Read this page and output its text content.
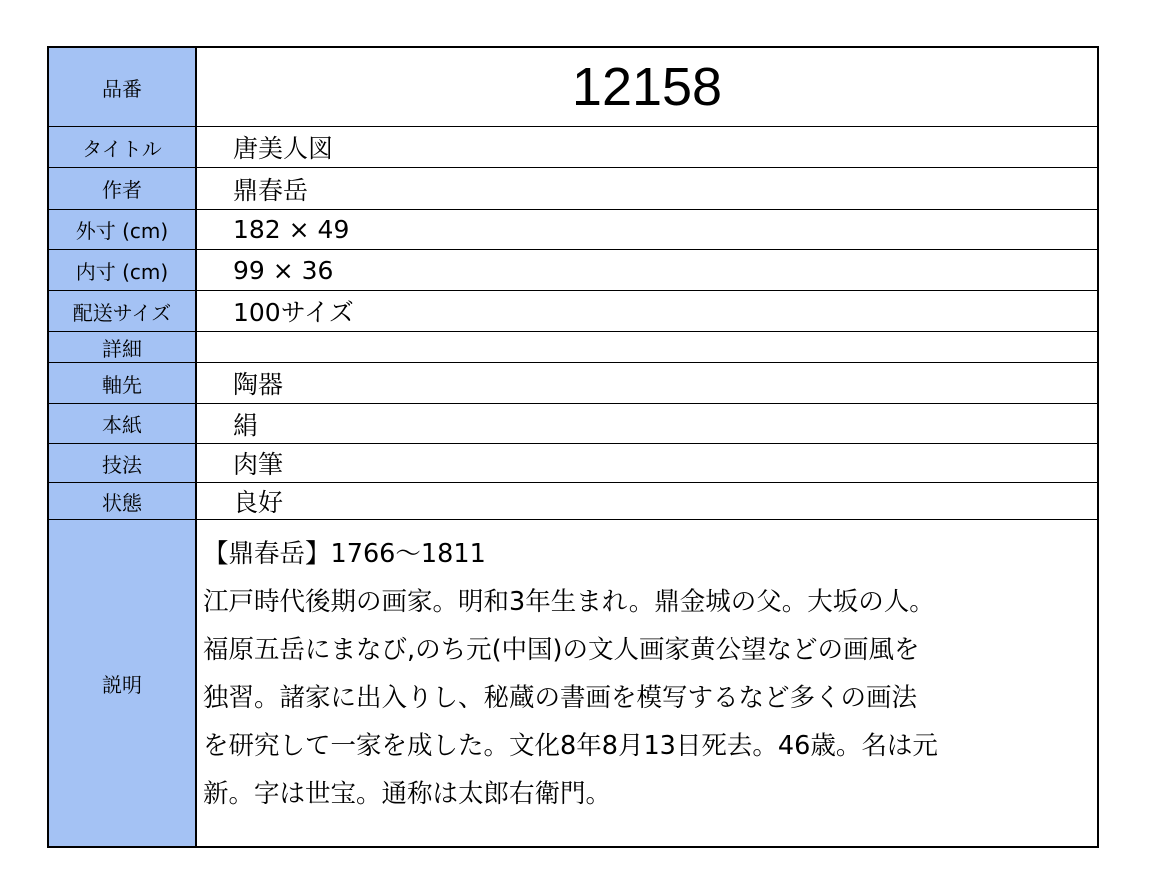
品番	12158
タイトル	唐美人図
作者	鼎春岳
外寸 (cm)	182 × 49
内寸 (cm)	99 × 36
配送サイズ	100サイズ
詳細
軸先	陶器
本紙	絹
技法	肉筆
状態	良好
説明
【鼎春岳】1766～1811
江戸時代後期の画家。明和3年生まれ。鼎金城の父。大坂の人。
福原五岳にまなび,のち元(中国)の文人画家黄公望などの画風を
独習。諸家に出入りし、秘蔵の書画を模写するなど多くの画法
を研究して一家を成した。文化8年8月13日死去。46歳。名は元
新。字は世宝。通称は太郎右衛門。
